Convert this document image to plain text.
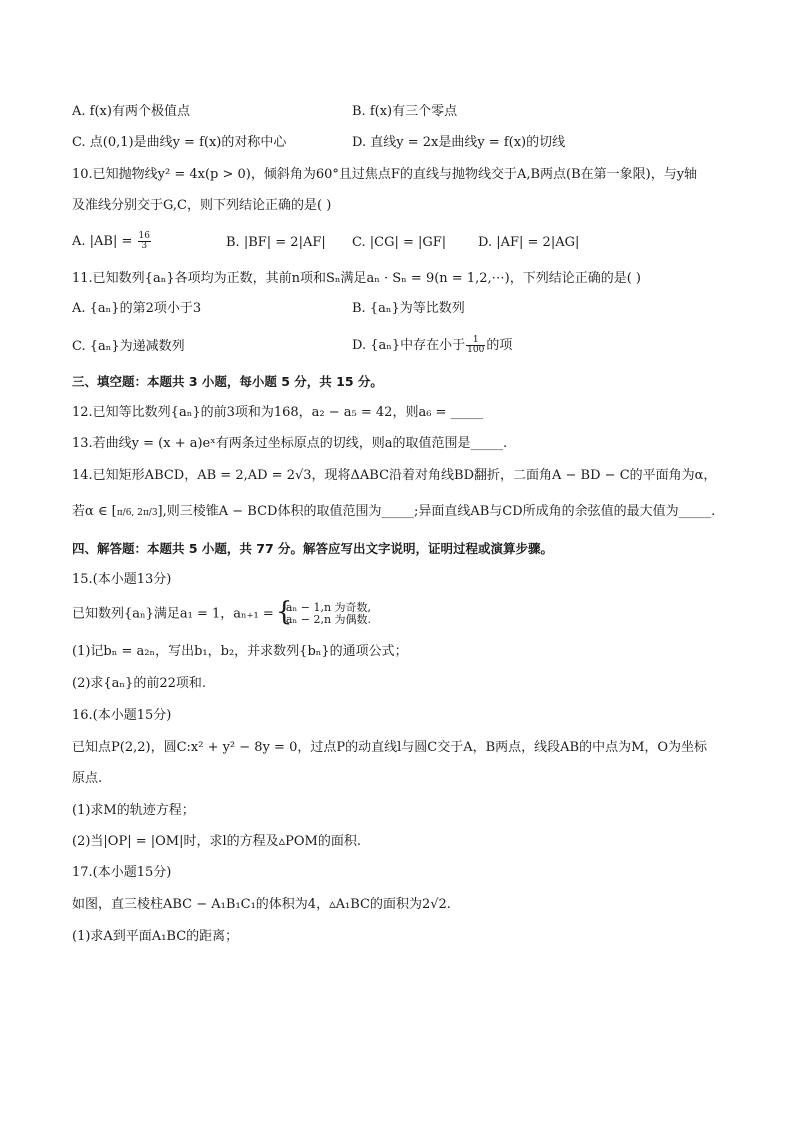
A. f(x)有两个极值点	B. f(x)有三个零点
C. 点(0,1)是曲线y = f(x)的对称中心	D. 直线y = 2x是曲线y = f(x)的切线
10.已知抛物线y² = 4x(p > 0)，倾斜角为60°且过焦点F的直线与抛物线交于A,B两点(B在第一象限)，与y轴
及准线分别交于G,C，则下列结论正确的是( )
A. $|AB| = \frac{16}{3}$	B. |BF| = 2|AF| C. |CG| = |GF| D. |AF| = 2|AG|
11.已知数列{aₙ}各项均为正数，其前n项和Sₙ满足aₙ · Sₙ = 9(n = 1,2,⋯)，下列结论正确的是( )
A. {aₙ}的第2项小于3	B. {aₙ}为等比数列
C. {aₙ}为递减数列	D. {aₙ}中存在小于 $\frac{1}{100}$ 的项
三、填空题：本题共 3 小题，每小题 5 分，共 15 分。
12.已知等比数列{aₙ}的前3项和为168，a₂ − a₅ = 42，则a₆ = _____
13.若曲线y = (x + a)eˣ有两条过坐标原点的切线，则a的取值范围是_____.
14.已知矩形ABCD，AB = 2,AD = 2√3，现将ΔABC沿着对角线BD翻折，二面角A − BD − C的平面角为α，
若α ∈ [π/6, 2π/3],则三棱锥A − BCD体积的取值范围为_____;异面直线AB与CD所成角的余弦值的最大值为_____.
四、解答题：本题共 5 小题，共 77 分。解答应写出文字说明，证明过程或演算步骤。
15.(本小题13分)
已知数列{aₙ}满足a₁ = 1，aₙ₊₁ =
{ aₙ − 1,n 为奇数,
aₙ − 2,n 为偶数.
(1)记bₙ = a₂ₙ，写出b₁，b₂，并求数列{bₙ}的通项公式；
(2)求{aₙ}的前22项和.
16.(本小题15分)
已知点P(2,2)，圆C:x² + y² − 8y = 0，过点P的动直线l与圆C交于A，B两点，线段AB的中点为M，O为坐标
原点.
(1)求M的轨迹方程；
(2)当|OP| = |OM|时，求l的方程及▵POM的面积.
17.(本小题15分)
如图，直三棱柱ABC − A₁B₁C₁的体积为4，▵A₁BC的面积为2√2.
(1)求A到平面A₁BC的距离；
